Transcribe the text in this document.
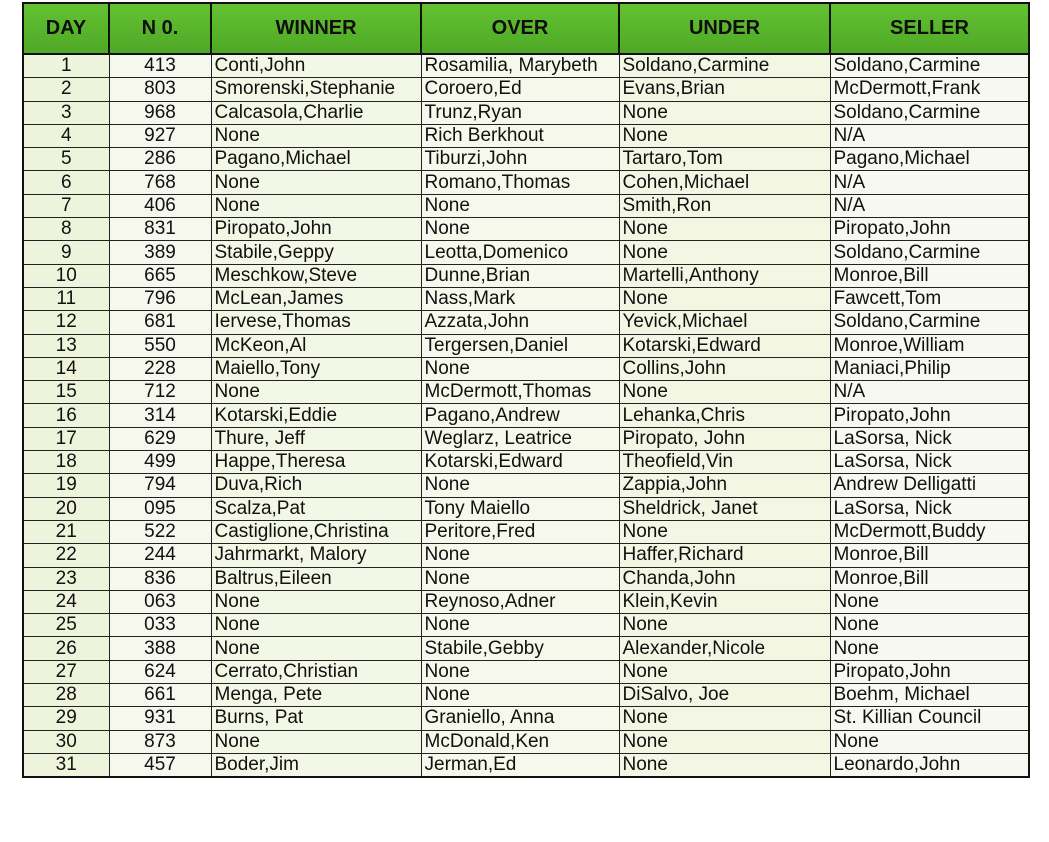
DAY	N 0.	WINNER	OVER	UNDER	SELLER
1	413	Conti,John	Rosamilia, Marybeth	Soldano,Carmine	Soldano,Carmine
2	803	Smorenski,Stephanie	Coroero,Ed	Evans,Brian	McDermott,Frank
3	968	Calcasola,Charlie	Trunz,Ryan	None	Soldano,Carmine
4	927	None	Rich Berkhout	None	N/A
5	286	Pagano,Michael	Tiburzi,John	Tartaro,Tom	Pagano,Michael
6	768	None	Romano,Thomas	Cohen,Michael	N/A
7	406	None	None	Smith,Ron	N/A
8	831	Piropato,John	None	None	Piropato,John
9	389	Stabile,Geppy	Leotta,Domenico	None	Soldano,Carmine
10	665	Meschkow,Steve	Dunne,Brian	Martelli,Anthony	Monroe,Bill
11	796	McLean,James	Nass,Mark	None	Fawcett,Tom
12	681	Iervese,Thomas	Azzata,John	Yevick,Michael	Soldano,Carmine
13	550	McKeon,Al	Tergersen,Daniel	Kotarski,Edward	Monroe,William
14	228	Maiello,Tony	None	Collins,John	Maniaci,Philip
15	712	None	McDermott,Thomas	None	N/A
16	314	Kotarski,Eddie	Pagano,Andrew	Lehanka,Chris	Piropato,John
17	629	Thure, Jeff	Weglarz, Leatrice	Piropato, John	LaSorsa, Nick
18	499	Happe,Theresa	Kotarski,Edward	Theofield,Vin	LaSorsa, Nick
19	794	Duva,Rich	None	Zappia,John	Andrew Delligatti
20	095	Scalza,Pat	Tony Maiello	Sheldrick, Janet	LaSorsa, Nick
21	522	Castiglione,Christina	Peritore,Fred	None	McDermott,Buddy
22	244	Jahrmarkt, Malory	None	Haffer,Richard	Monroe,Bill
23	836	Baltrus,Eileen	None	Chanda,John	Monroe,Bill
24	063	None	Reynoso,Adner	Klein,Kevin	None
25	033	None	None	None	None
26	388	None	Stabile,Gebby	Alexander,Nicole	None
27	624	Cerrato,Christian	None	None	Piropato,John
28	661	Menga, Pete	None	DiSalvo, Joe	Boehm, Michael
29	931	Burns, Pat	Graniello, Anna	None	St. Killian Council
30	873	None	McDonald,Ken	None	None
31	457	Boder,Jim	Jerman,Ed	None	Leonardo,John
